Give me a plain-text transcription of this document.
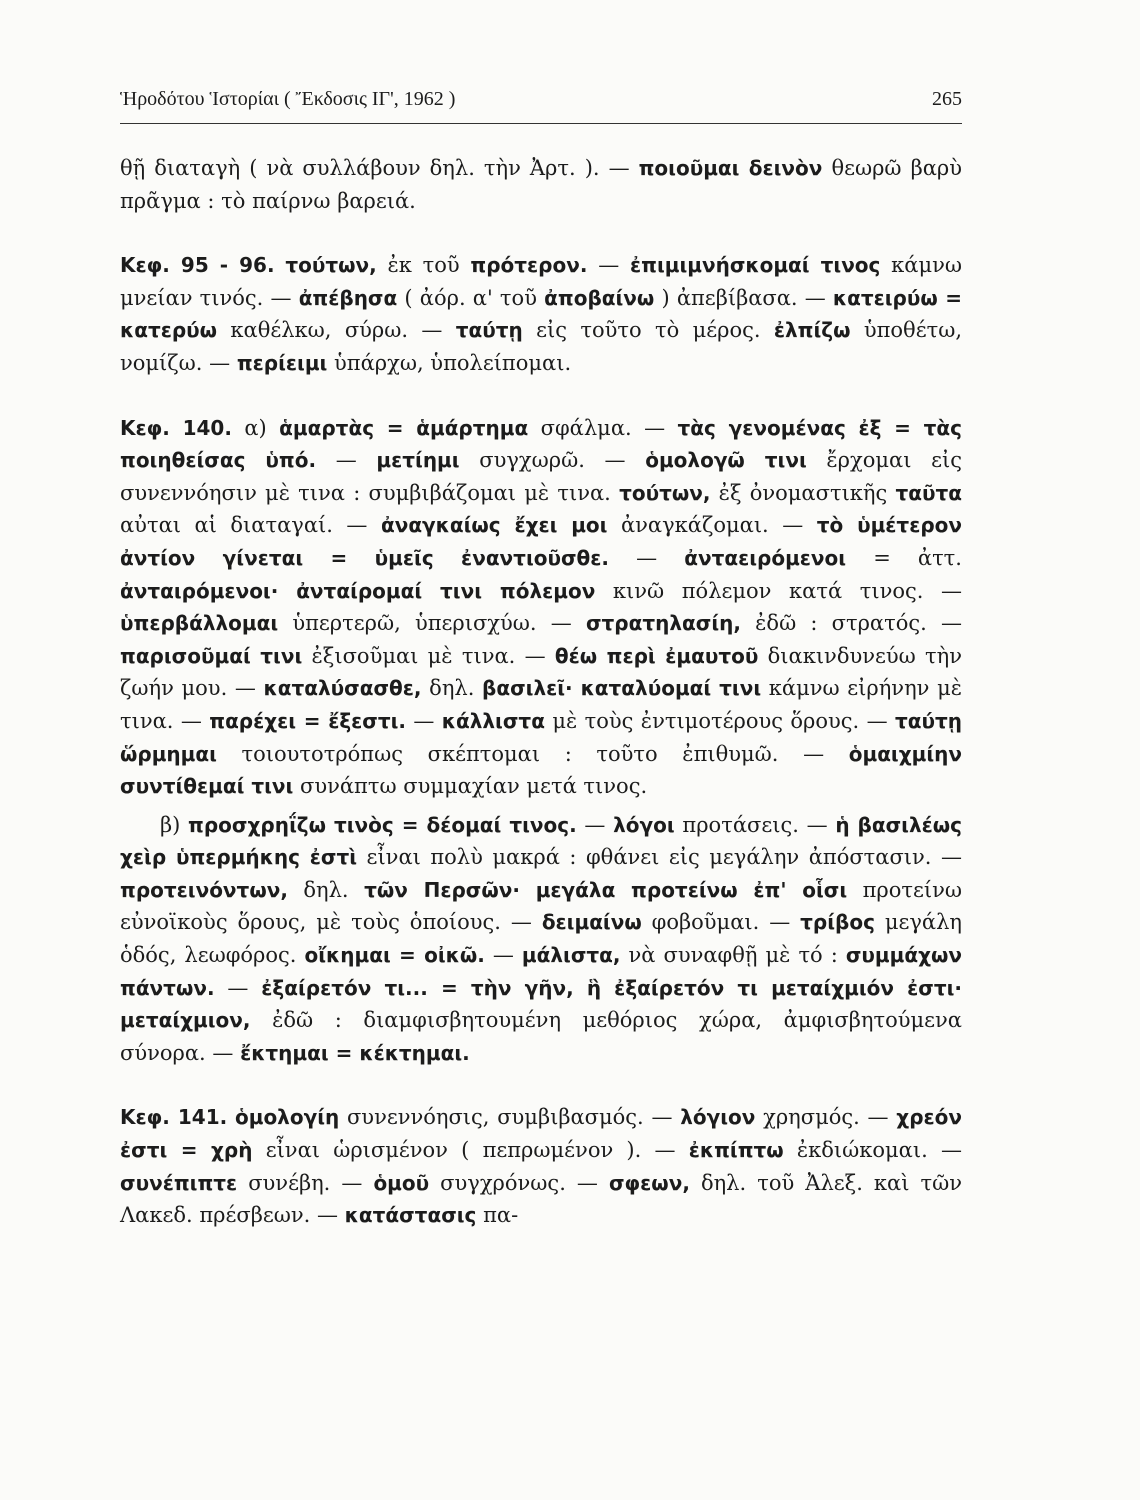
Ἡροδότου Ἱστορίαι ( Ἔκδοσις ΙΓ', 1962 )	265

θῇ διαταγὴ ( νὰ συλλάβουν δηλ. τὴν Ἀρτ. ). — ποιοῦμαι δεινὸν θεωρῶ βαρὺ πρᾶγμα : τὸ παίρνω βαρειά.

Κεφ. 95 - 96. τούτων, ἐκ τοῦ πρότερον. — ἐπιμιμνήσκομαί τινος κάμνω μνείαν τινός. — ἀπέβησα ( ἀόρ. α' τοῦ ἀποβαίνω ) ἀπεβίβασα. — κατειρύω = κατερύω καθέλκω, σύρω. — ταύτῃ εἰς τοῦτο τὸ μέρος. ἐλπίζω ὑποθέτω, νομίζω. — περίειμι ὑπάρχω, ὑπολείπομαι.

Κεφ. 140. α) ἁμαρτὰς = ἁμάρτημα σφάλμα. — τὰς γενομένας ἐξ = τὰς ποιηθείσας ὑπό. — μετίημι συγχωρῶ. — ὁμολογῶ τινι ἔρχομαι εἰς συνεννόησιν μὲ τινα : συμβιβάζομαι μὲ τινα. τούτων, ἐξ ὀνομαστικῆς ταῦτα αὐται αἱ διαταγαί. — ἀναγκαίως ἔχει μοι ἀναγκάζομαι. — τὸ ὑμέτερον ἀντίον γίνεται = ὑμεῖς ἐναντιοῦσθε. — ἀνταειρόμενοι = ἀττ. ἀνταιρόμενοι· ἀνταίρομαί τινι πόλεμον κινῶ πόλεμον κατά τινος. — ὑπερβάλλομαι ὑπερτερῶ, ὑπερισχύω. — στρατηλασίη, ἐδῶ : στρατός. — παρισοῦμαί τινι ἐξισοῦμαι μὲ τινα. — θέω περὶ ἐμαυτοῦ διακινδυνεύω τὴν ζωήν μου. — καταλύσασθε, δηλ. βασιλεῖ· καταλύομαί τινι κάμνω εἰρήνην μὲ τινα. — παρέχει = ἔξεστι. — κάλλιστα μὲ τοὺς ἐντιμοτέρους ὅρους. — ταύτῃ ὥρμημαι τοιουτοτρόπως σκέπτομαι : τοῦτο ἐπιθυμῶ. — ὁμαιχμίην συντίθεμαί τινι συνάπτω συμμαχίαν μετά τινος.

β) προσχρηΐζω τινὸς = δέομαί τινος. — λόγοι προτάσεις. — ἡ βασιλέως χεὶρ ὑπερμήκης ἐστὶ εἶναι πολὺ μακρά : φθάνει εἰς μεγάλην ἀπόστασιν. — προτεινόντων, δηλ. τῶν Περσῶν· μεγάλα προτείνω ἐπ' οἷσι προτείνω εὐνοϊκοὺς ὅρους, μὲ τοὺς ὁποίους. — δειμαίνω φοβοῦμαι. — τρίβος μεγάλη ὁδός, λεωφόρος. οἴκημαι = οἰκῶ. — μάλιστα, νὰ συναφθῇ μὲ τό : συμμάχων πάντων. — ἐξαίρετόν τι... = τὴν γῆν, ἣ ἐξαίρετόν τι μεταίχμιόν ἐστι· μεταίχμιον, ἐδῶ : διαμφισβητουμένη μεθόριος χώρα, ἀμφισβητούμενα σύνορα. — ἔκτημαι = κέκτημαι.

Κεφ. 141. ὁμολογίη συνεννόησις, συμβιβασμός. — λόγιον χρησμός. — χρεόν ἐστι = χρὴ εἶναι ὡρισμένον ( πεπρωμένον ). — ἐκπίπτω ἐκδιώκομαι. — συνέπιπτε συνέβη. — ὁμοῦ συγχρόνως. — σφεων, δηλ. τοῦ Ἀλεξ. καὶ τῶν Λακεδ. πρέσβεων. — κατάστασις πα-
